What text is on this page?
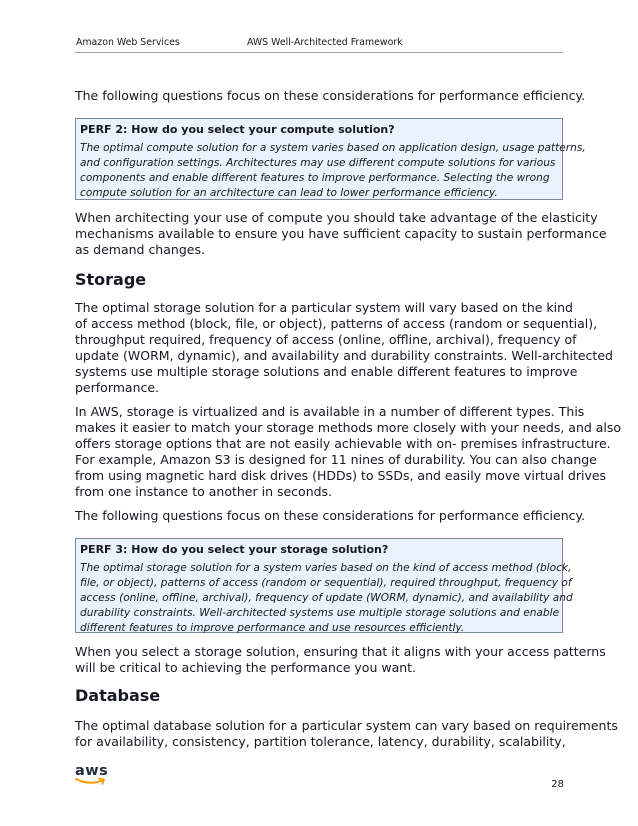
Amazon Web Services	AWS Well-Architected Framework

The following questions focus on these considerations for performance efficiency.

PERF 2: How do you select your compute solution?
The optimal compute solution for a system varies based on application design, usage patterns,
and configuration settings. Architectures may use different compute solutions for various
components and enable different features to improve performance. Selecting the wrong
compute solution for an architecture can lead to lower performance efficiency.

When architecting your use of compute you should take advantage of the elasticity
mechanisms available to ensure you have sufficient capacity to sustain performance
as demand changes.

Storage

The optimal storage solution for a particular system will vary based on the kind
of access method (block, file, or object), patterns of access (random or sequential),
throughput required, frequency of access (online, offline, archival), frequency of
update (WORM, dynamic), and availability and durability constraints. Well-architected
systems use multiple storage solutions and enable different features to improve
performance.

In AWS, storage is virtualized and is available in a number of different types. This
makes it easier to match your storage methods more closely with your needs, and also
offers storage options that are not easily achievable with on- premises infrastructure.
For example, Amazon S3 is designed for 11 nines of durability. You can also change
from using magnetic hard disk drives (HDDs) to SSDs, and easily move virtual drives
from one instance to another in seconds.

The following questions focus on these considerations for performance efficiency.

PERF 3: How do you select your storage solution?
The optimal storage solution for a system varies based on the kind of access method (block,
file, or object), patterns of access (random or sequential), required throughput, frequency of
access (online, offline, archival), frequency of update (WORM, dynamic), and availability and
durability constraints. Well-architected systems use multiple storage solutions and enable
different features to improve performance and use resources efficiently.

When you select a storage solution, ensuring that it aligns with your access patterns
will be critical to achieving the performance you want.

Database

The optimal database solution for a particular system can vary based on requirements
for availability, consistency, partition tolerance, latency, durability, scalability,

aws
28
